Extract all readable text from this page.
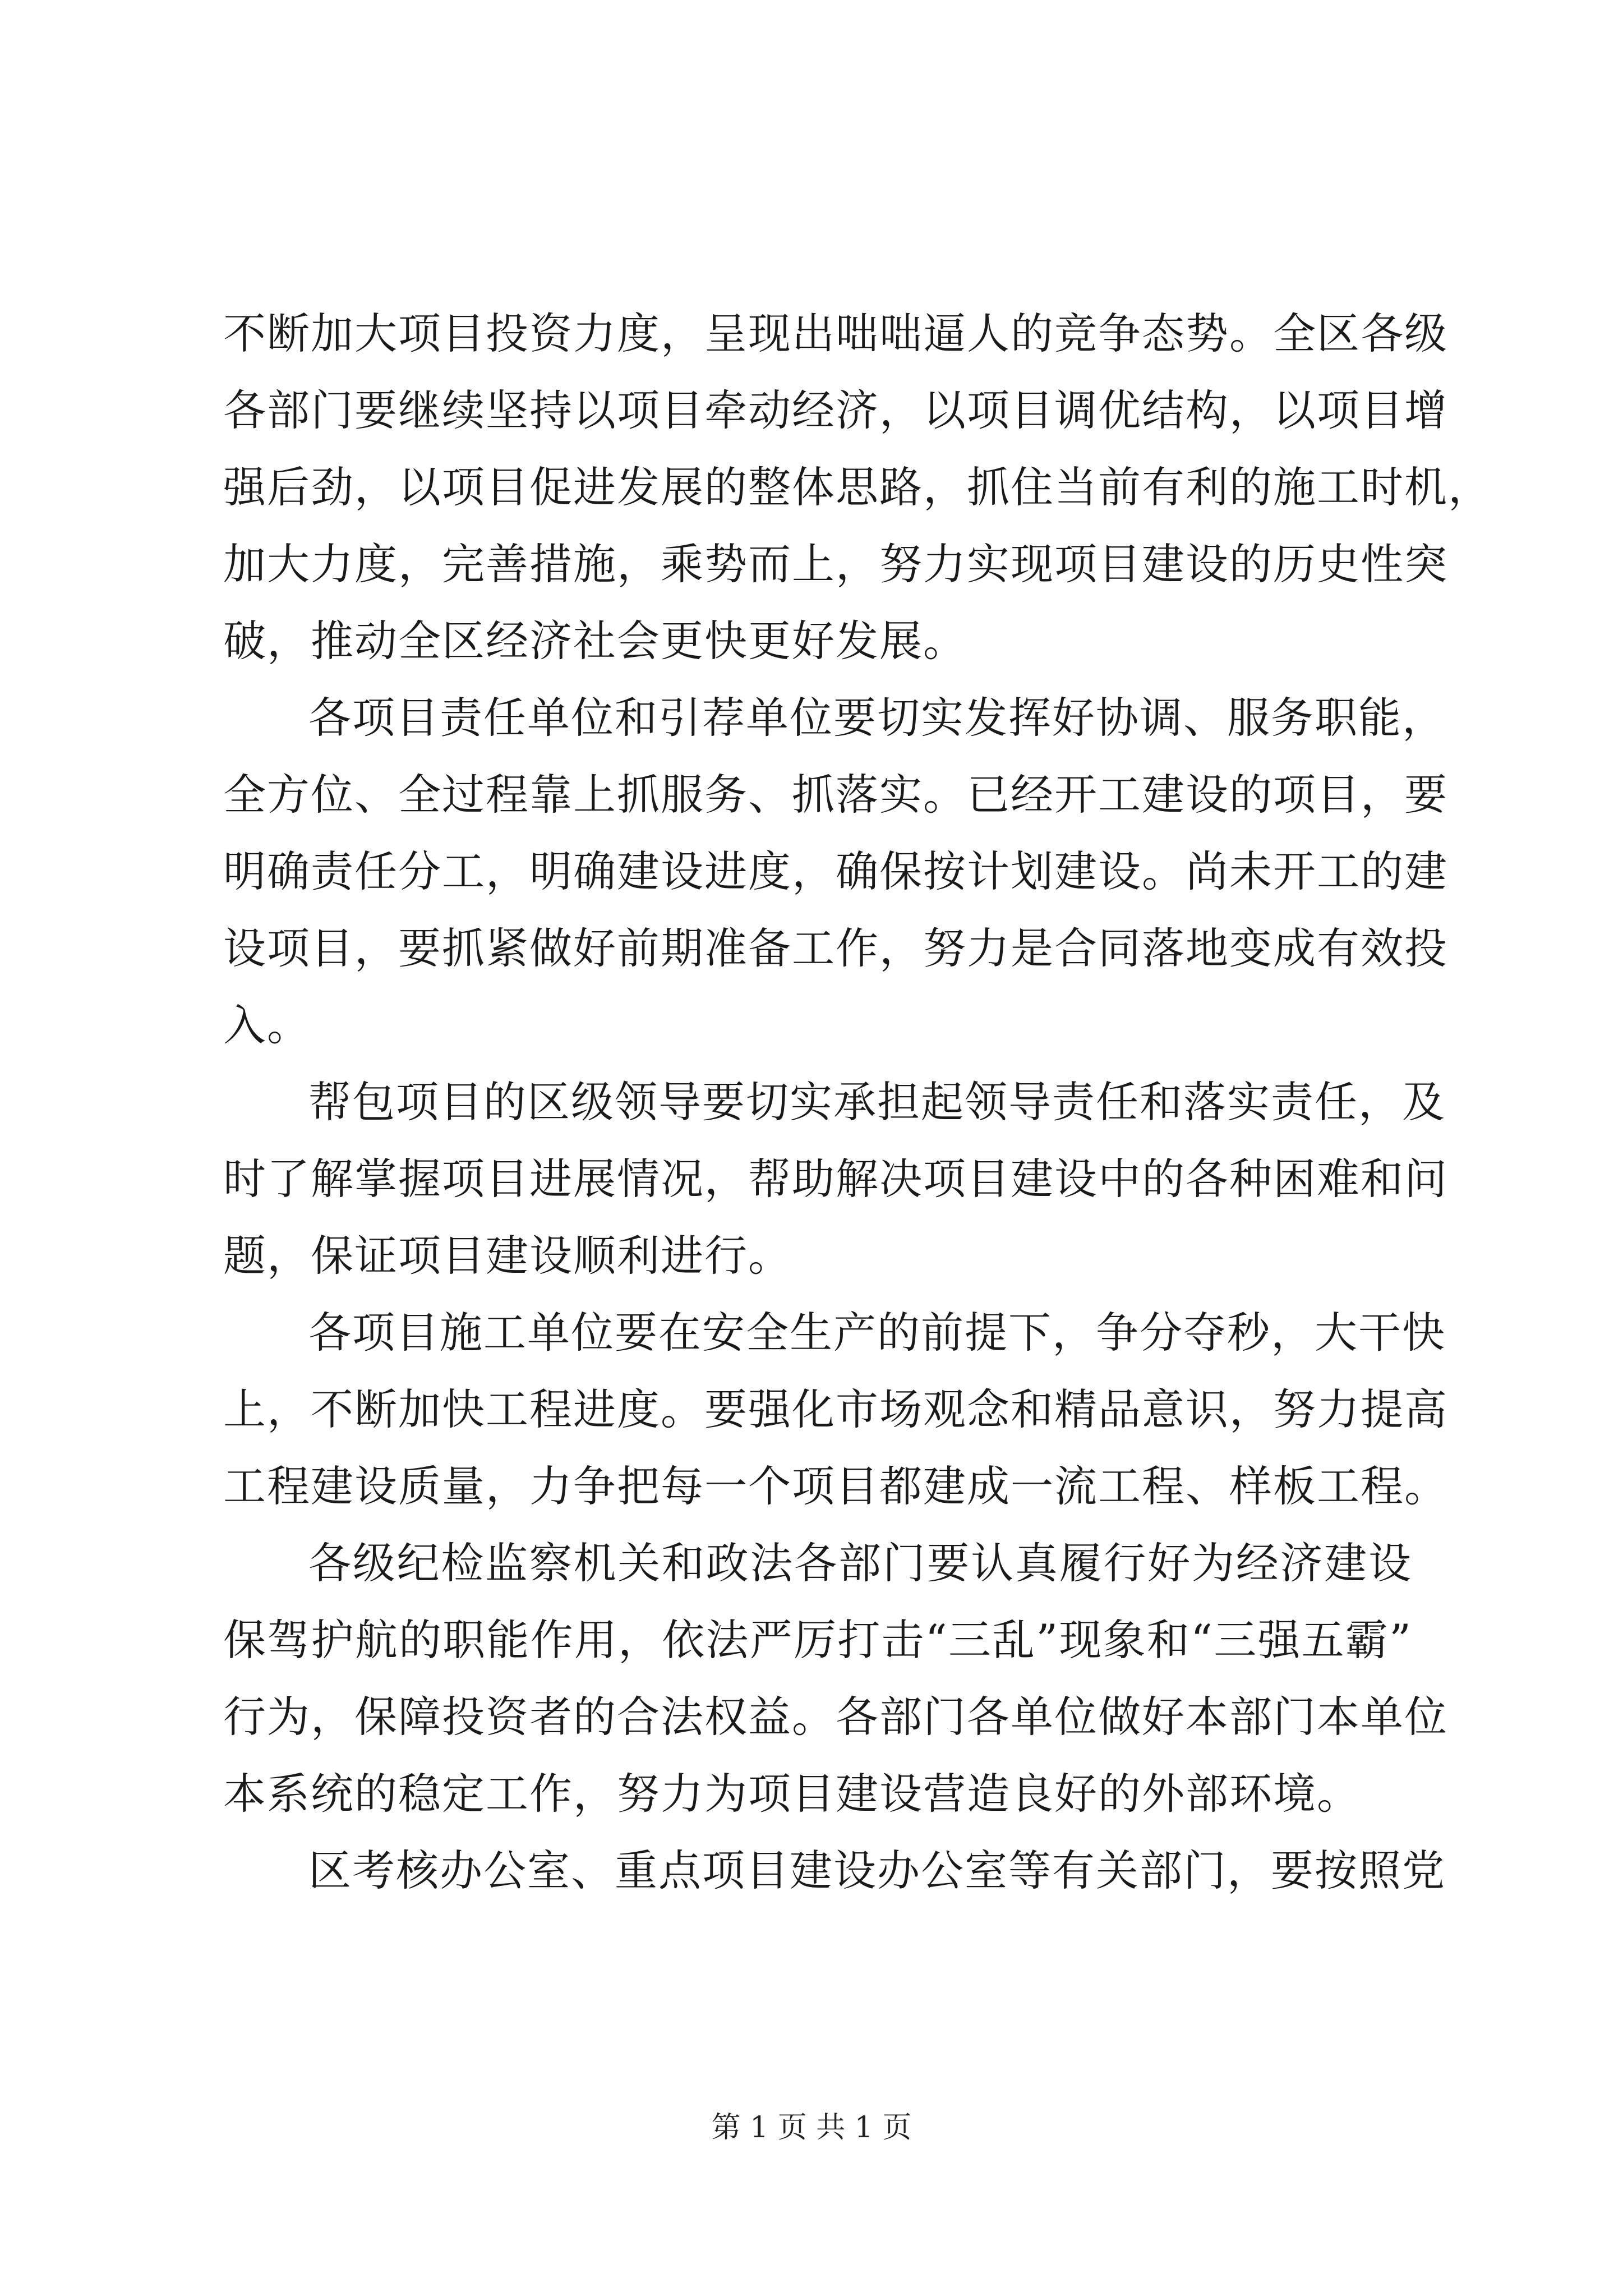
不断加大项目投资力度，呈现出咄咄逼人的竞争态势。全区各级
各部门要继续坚持以项目牵动经济，以项目调优结构，以项目增
强后劲，以项目促进发展的整体思路，抓住当前有利的施工时机，
加大力度，完善措施，乘势而上，努力实现项目建设的历史性突
破，推动全区经济社会更快更好发展。
各项目责任单位和引荐单位要切实发挥好协调、服务职能，
全方位、全过程靠上抓服务、抓落实。已经开工建设的项目，要
明确责任分工，明确建设进度，确保按计划建设。尚未开工的建
设项目，要抓紧做好前期准备工作，努力是合同落地变成有效投
入。
帮包项目的区级领导要切实承担起领导责任和落实责任，及
时了解掌握项目进展情况，帮助解决项目建设中的各种困难和问
题，保证项目建设顺利进行。
各项目施工单位要在安全生产的前提下，争分夺秒，大干快
上，不断加快工程进度。要强化市场观念和精品意识，努力提高
工程建设质量，力争把每一个项目都建成一流工程、样板工程。
各级纪检监察机关和政法各部门要认真履行好为经济建设
保驾护航的职能作用，依法严厉打击“三乱”现象和“三强五霸”
行为，保障投资者的合法权益。各部门各单位做好本部门本单位
本系统的稳定工作，努力为项目建设营造良好的外部环境。
区考核办公室、重点项目建设办公室等有关部门，要按照党
第 1 页 共 1 页
